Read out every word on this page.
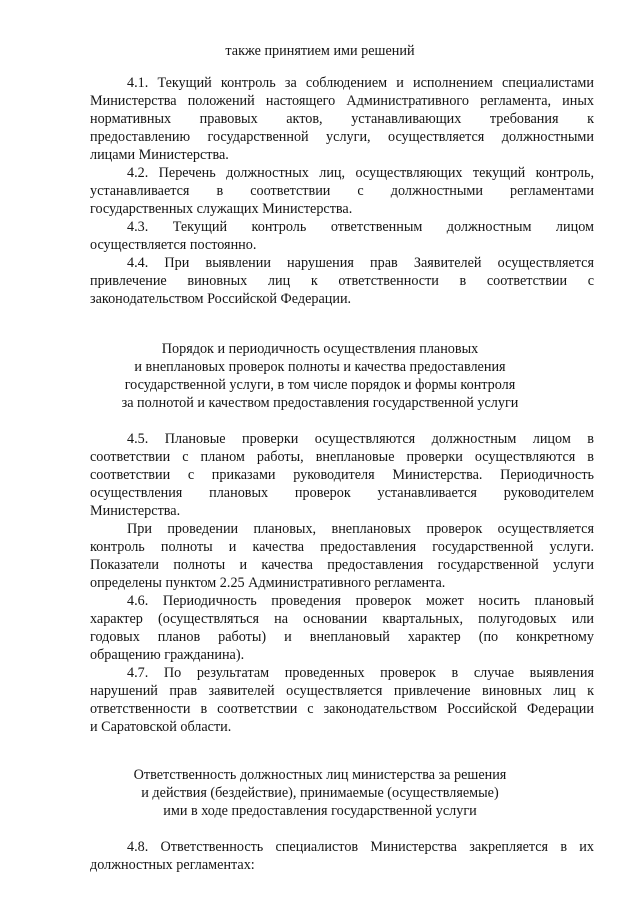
также принятием ими решений
4.1. Текущий контроль за соблюдением и исполнением специалистами
Министерства положений настоящего Административного регламента, иных
нормативных правовых актов, устанавливающих требования к
предоставлению государственной услуги, осуществляется должностными
лицами Министерства.
4.2. Перечень должностных лиц, осуществляющих текущий контроль,
устанавливается в соответствии с должностными регламентами
государственных служащих Министерства.
4.3. Текущий контроль ответственным должностным лицом
осуществляется постоянно.
4.4. При выявлении нарушения прав Заявителей осуществляется
привлечение виновных лиц к ответственности в соответствии с
законодательством Российской Федерации.
Порядок и периодичность осуществления плановых
и внеплановых проверок полноты и качества предоставления
государственной услуги, в том числе порядок и формы контроля
за полнотой и качеством предоставления государственной услуги
4.5. Плановые проверки осуществляются должностным лицом в
соответствии с планом работы, внеплановые проверки осуществляются в
соответствии с приказами руководителя Министерства. Периодичность
осуществления плановых проверок устанавливается руководителем
Министерства.
При проведении плановых, внеплановых проверок осуществляется
контроль полноты и качества предоставления государственной услуги.
Показатели полноты и качества предоставления государственной услуги
определены пунктом 2.25 Административного регламента.
4.6. Периодичность проведения проверок может носить плановый
характер (осуществляться на основании квартальных, полугодовых или
годовых планов работы) и внеплановый характер (по конкретному
обращению гражданина).
4.7. По результатам проведенных проверок в случае выявления
нарушений прав заявителей осуществляется привлечение виновных лиц к
ответственности в соответствии с законодательством Российской Федерации
и Саратовской области.
Ответственность должностных лиц министерства за решения
и действия (бездействие), принимаемые (осуществляемые)
ими в ходе предоставления государственной услуги
4.8. Ответственность специалистов Министерства закрепляется в их
должностных регламентах:
